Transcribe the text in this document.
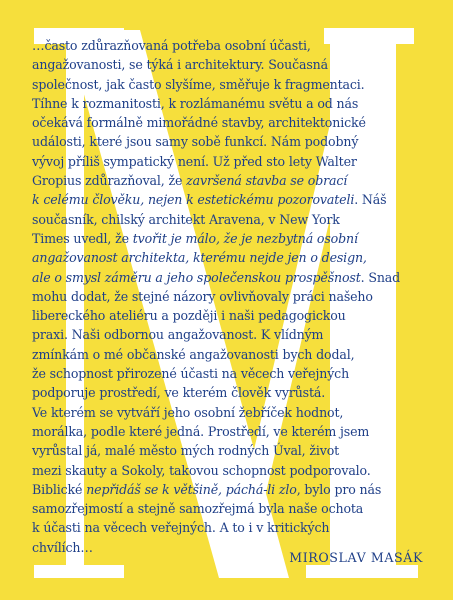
…často zdůrazňovaná potřeba osobní účasti,
angažovanosti, se týká i architektury. Současná
společnost, jak často slyšíme, směřuje k fragmentaci.
Tíhne k rozmanitosti, k rozlámanému světu a od nás
očekává formálně mimořádné stavby, architektonické
události, které jsou samy sobě funkcí. Nám podobný
vývoj příliš sympatický není. Už před sto lety Walter
Gropius zdůrazňoval, že završená stavba se obrací
k celému člověku, nejen k estetickému pozorovateli. Náš
současník, chilský architekt Aravena, v New York
Times uvedl, že tvořit je málo, že je nezbytná osobní
angažovanost architekta, kterému nejde jen o design,
ale o smysl záměru a jeho společenskou prospěšnost. Snad
mohu dodat, že stejné názory ovlivňovaly práci našeho
libereckého ateliéru a později i naši pedagogickou
praxi. Naši odbornou angažovanost. K vlídným
zmínkám o mé občanské angažovanosti bych dodal,
že schopnost přirozené účasti na věcech veřejných
podporuje prostředí, ve kterém člověk vyrůstá.
Ve kterém se vytváří jeho osobní žebříček hodnot,
morálka, podle které jedná. Prostředí, ve kterém jsem
vyrůstal já, malé město mých rodných Úval, život
mezi skauty a Sokoly, takovou schopnost podporovalo.
Biblické nepřidáš se k většině, páchá-li zlo, bylo pro nás
samozřejmostí a stejně samozřejmá byla naše ochota
k účasti na věcech veřejných. A to i v kritických
chvílích…
MIROSLAV MASÁK
